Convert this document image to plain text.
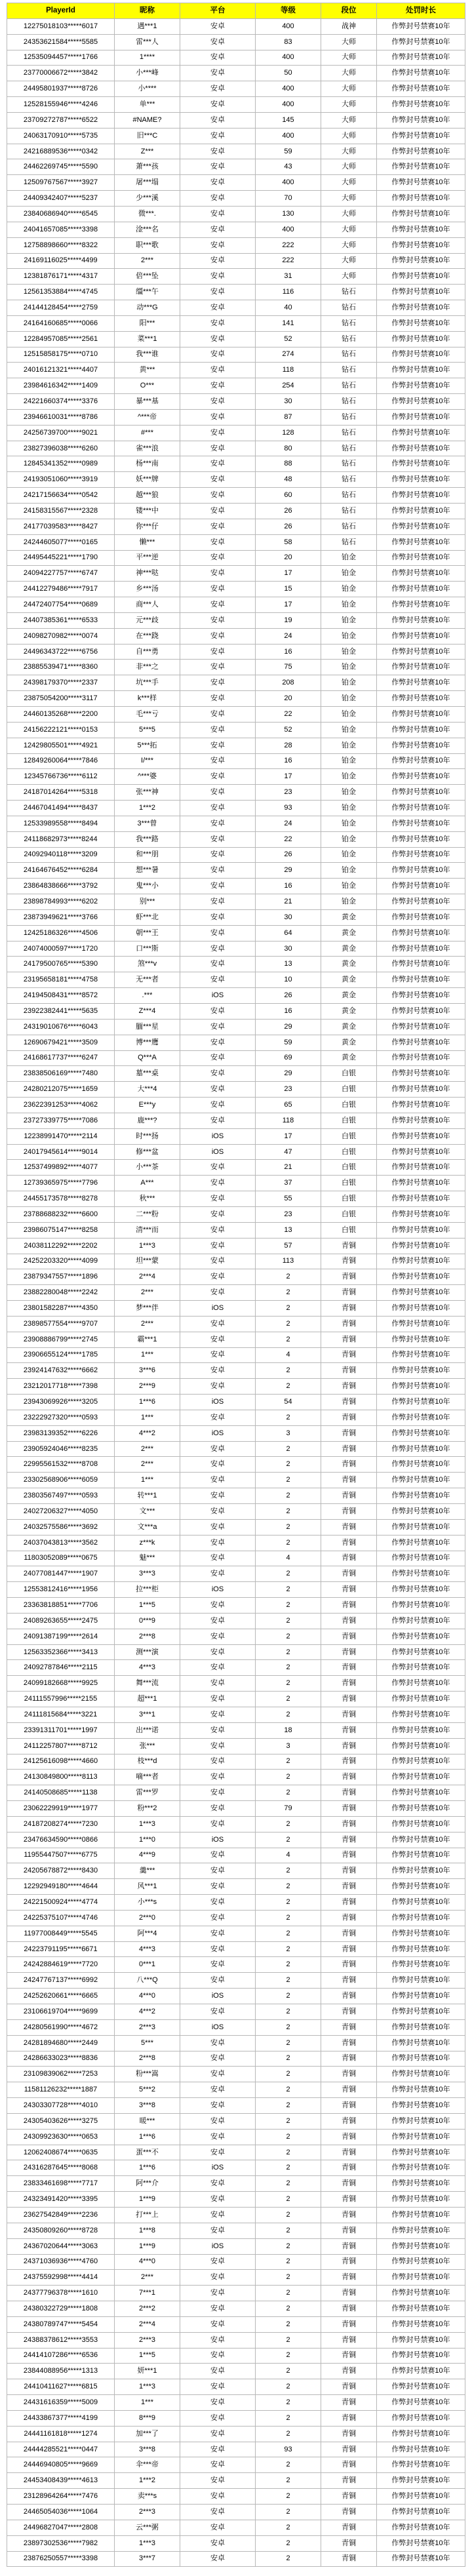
PlayerId	昵称	平台	等级	段位	处罚时长
12275018103*****6017	遇***1	安卓	400	战神	作弊封号禁赛10年
24353621584*****5585	雷***人	安卓	83	大师	作弊封号禁赛10年
12535094457*****1766	1****	安卓	400	大师	作弊封号禁赛10年
23770006672*****3842	小***峰	安卓	50	大师	作弊封号禁赛10年
24495801937*****8726	小****	安卓	400	大师	作弊封号禁赛10年
12528155946*****4246	单***	安卓	400	大师	作弊封号禁赛10年
23709272787*****6522	#NAME?	安卓	145	大师	作弊封号禁赛10年
24063170910*****5735	旧***C	安卓	400	大师	作弊封号禁赛10年
24216889536*****0342	Z***	安卓	59	大师	作弊封号禁赛10年
24462269745*****5590	萧***孩	安卓	43	大师	作弊封号禁赛10年
12509767567*****3927	屠***塌	安卓	400	大师	作弊封号禁赛10年
24409342407*****5237	少***溪	安卓	70	大师	作弊封号禁赛10年
23840686940*****6545	微***.	安卓	130	大师	作弊封号禁赛10年
24041657085*****3398	淦***名	安卓	400	大师	作弊封号禁赛10年
12758898660*****8322	职***歌	安卓	222	大师	作弊封号禁赛10年
24169116025*****4499	2***	安卓	222	大师	作弊封号禁赛10年
12381876171*****4317	倍***坠	安卓	31	大师	作弊封号禁赛10年
12561353884*****4745	缰***午	安卓	116	钻石	作弊封号禁赛10年
24144128454*****2759	动***G	安卓	40	钻石	作弊封号禁赛10年
24164160685*****0066	阳***	安卓	141	钻石	作弊封号禁赛10年
12284957085*****2561	菜***1	安卓	52	钻石	作弊封号禁赛10年
12515858175*****0710	我***谁	安卓	274	钻石	作弊封号禁赛10年
24016121321*****4407	黄***	安卓	118	钻石	作弊封号禁赛10年
23984616342*****1409	O***	安卓	254	钻石	作弊封号禁赛10年
24221660374*****3376	暴***基	安卓	30	钻石	作弊封号禁赛10年
23946610031*****8786	^***帝	安卓	87	钻石	作弊封号禁赛10年
24256739700*****9021	#***	安卓	128	钻石	作弊封号禁赛10年
23827396038*****6260	雀***浪	安卓	80	钻石	作弊封号禁赛10年
12845341352*****0989	杨***南	安卓	88	钻石	作弊封号禁赛10年
24193051060*****3919	妖***牌	安卓	48	钻石	作弊封号禁赛10年
24217156634*****0542	越***狼	安卓	60	钻石	作弊封号禁赛10年
24158315567*****2328	镂***中	安卓	26	钻石	作弊封号禁赛10年
24177039583*****8427	你***仔	安卓	26	钻石	作弊封号禁赛10年
24244605077*****0165	懒***	安卓	58	钻石	作弊封号禁赛10年
24495445221*****1790	平***逆	安卓	20	铂金	作弊封号禁赛10年
24094227757*****6747	神***哒	安卓	17	铂金	作弊封号禁赛10年
24412279486*****7917	乡***汤	安卓	15	铂金	作弊封号禁赛10年
24472407754*****0689	商***人	安卓	17	铂金	作弊封号禁赛10年
24407385361*****6533	元***歧	安卓	19	铂金	作弊封号禁赛10年
24098270982*****0074	在***跷	安卓	24	铂金	作弊封号禁赛10年
24496343722*****6756	自***勇	安卓	16	铂金	作弊封号禁赛10年
23885539471*****8360	非***之	安卓	75	铂金	作弊封号禁赛10年
24398179370*****2337	坑***手	安卓	208	铂金	作弊封号禁赛10年
23875054200*****3117	k***样	安卓	20	铂金	作弊封号禁赛10年
24460135268*****2200	毛***亏	安卓	22	铂金	作弊封号禁赛10年
24156222121*****0153	5***5	安卓	52	铂金	作弊封号禁赛10年
12429805501*****4921	5***拓	安卓	28	铂金	作弊封号禁赛10年
12849260064*****7846	I/***	安卓	16	铂金	作弊封号禁赛10年
12345766736*****6112	^***婆	安卓	17	铂金	作弊封号禁赛10年
24187014264*****5318	张***神	安卓	23	铂金	作弊封号禁赛10年
24467041494*****8437	1***2	安卓	93	铂金	作弊封号禁赛10年
12533989558*****8494	3***曾	安卓	24	铂金	作弊封号禁赛10年
24118682973*****8244	我***路	安卓	22	铂金	作弊封号禁赛10年
24092940118*****3209	和***朋	安卓	26	铂金	作弊封号禁赛10年
24164676452*****6284	想***暑	安卓	29	铂金	作弊封号禁赛10年
23864838666*****3792	鬼***小	安卓	16	铂金	作弊封号禁赛10年
23898784993*****6202	别***	安卓	21	铂金	作弊封号禁赛10年
23873949621*****3766	虾***北	安卓	30	黄金	作弊封号禁赛10年
12425186326*****4506	朝***王	安卓	64	黄金	作弊封号禁赛10年
24074000597*****1720	口***斯	安卓	30	黄金	作弊封号禁赛10年
24179500765*****5390	煞***v	安卓	13	黄金	作弊封号禁赛10年
23195658181*****4758	无***者	安卓	10	黄金	作弊封号禁赛10年
24194508431*****8572	.***	iOS	26	黄金	作弊封号禁赛10年
23922382441*****5635	Z***4	安卓	16	黄金	作弊封号禁赛10年
24319010676*****6043	腼***星	安卓	29	黄金	作弊封号禁赛10年
12690679421*****3509	博***鹰	安卓	59	黄金	作弊封号禁赛10年
24168617737*****6247	Q***A	安卓	69	黄金	作弊封号禁赛10年
23838506169*****7480	墓***桌	安卓	29	白银	作弊封号禁赛10年
24280212075*****1659	大***4	安卓	23	白银	作弊封号禁赛10年
23622391253*****4062	E***y	安卓	65	白银	作弊封号禁赛10年
23727339775*****7086	鹿***?	安卓	118	白银	作弊封号禁赛10年
12238991470*****2114	时***扬	iOS	17	白银	作弊封号禁赛10年
24017945614*****9014	修***盆	iOS	47	白银	作弊封号禁赛10年
12537499892*****4077	小***茶	安卓	21	白银	作弊封号禁赛10年
12739365975*****7796	A***	安卓	37	白银	作弊封号禁赛10年
24455173578*****8278	秋***	安卓	55	白银	作弊封号禁赛10年
23788688232*****6600	二***粉	安卓	23	白银	作弊封号禁赛10年
23986075147*****8258	清***而	安卓	13	白银	作弊封号禁赛10年
24038112292*****2202	1***3	安卓	57	青铜	作弊封号禁赛10年
24252203320*****4099	坦***蒙	安卓	113	青铜	作弊封号禁赛10年
23879347557*****1896	2***4	安卓	2	青铜	作弊封号禁赛10年
23882280048*****2242	2***	安卓	2	青铜	作弊封号禁赛10年
23801582287*****4350	梦***伴	iOS	2	青铜	作弊封号禁赛10年
23898577554*****9707	2***	安卓	2	青铜	作弊封号禁赛10年
23908886799*****2745	霸***1	安卓	2	青铜	作弊封号禁赛10年
23906655124*****1785	1***	安卓	4	青铜	作弊封号禁赛10年
23924147632*****6662	3***6	安卓	2	青铜	作弊封号禁赛10年
23212017718*****7398	2***9	安卓	2	青铜	作弊封号禁赛10年
23943069926*****3205	1***6	iOS	54	青铜	作弊封号禁赛10年
23222927320*****0593	1***	安卓	2	青铜	作弊封号禁赛10年
23983139352*****6226	4***2	iOS	3	青铜	作弊封号禁赛10年
23905924046*****8235	2***	安卓	2	青铜	作弊封号禁赛10年
22995561532*****8708	2***	安卓	2	青铜	作弊封号禁赛10年
23302568906*****6059	1***	安卓	2	青铜	作弊封号禁赛10年
23803567497*****0593	转***1	安卓	2	青铜	作弊封号禁赛10年
24027206327*****4050	文***	安卓	2	青铜	作弊封号禁赛10年
24032575586*****3692	文***a	安卓	2	青铜	作弊封号禁赛10年
24037043813*****3562	z***k	安卓	2	青铜	作弊封号禁赛10年
11803052089*****0675	魅***	安卓	4	青铜	作弊封号禁赛10年
24077081447*****1907	3***3	安卓	2	青铜	作弊封号禁赛10年
12553812416*****1956	拉***柜	iOS	2	青铜	作弊封号禁赛10年
23363818851*****7706	1***5	安卓	2	青铜	作弊封号禁赛10年
24089263655*****2475	0***9	安卓	2	青铜	作弊封号禁赛10年
24091387199*****2614	2***8	安卓	2	青铜	作弊封号禁赛10年
12563352366*****3413	测***演	安卓	2	青铜	作弊封号禁赛10年
24092787846*****2115	4***3	安卓	2	青铜	作弊封号禁赛10年
24099182668*****9925	舞***流	安卓	2	青铜	作弊封号禁赛10年
24111557996*****2155	超***1	安卓	2	青铜	作弊封号禁赛10年
24111815684*****3221	3***1	安卓	2	青铜	作弊封号禁赛10年
23391311701*****1997	出***诺	安卓	18	青铜	作弊封号禁赛10年
24112257807*****8712	张***	安卓	3	青铜	作弊封号禁赛10年
24125616098*****4660	枝***d	安卓	2	青铜	作弊封号禁赛10年
24130849800*****8113	嘀***者	安卓	2	青铜	作弊封号禁赛10年
24140508685*****1138	雷***罗	安卓	2	青铜	作弊封号禁赛10年
23062229919*****1977	粉***2	安卓	79	青铜	作弊封号禁赛10年
24187208274*****7230	1***3	安卓	2	青铜	作弊封号禁赛10年
23476634590*****0866	1***0	iOS	2	青铜	作弊封号禁赛10年
11955447507*****6775	4***9	安卓	4	青铜	作弊封号禁赛10年
24205678872*****8430	羹***	安卓	2	青铜	作弊封号禁赛10年
12292949180*****4644	风***1	安卓	2	青铜	作弊封号禁赛10年
24221500924*****4774	小***s	安卓	2	青铜	作弊封号禁赛10年
24225375107*****4746	2***0	安卓	2	青铜	作弊封号禁赛10年
11977008449*****5545	阿***4	安卓	2	青铜	作弊封号禁赛10年
24223791195*****6671	4***3	安卓	2	青铜	作弊封号禁赛10年
24242884619*****7720	0***1	安卓	2	青铜	作弊封号禁赛10年
24247767137*****6992	八***Q	安卓	2	青铜	作弊封号禁赛10年
24252620661*****6665	4***0	iOS	2	青铜	作弊封号禁赛10年
23106619704*****9699	4***2	安卓	2	青铜	作弊封号禁赛10年
24280561990*****4672	2***3	iOS	2	青铜	作弊封号禁赛10年
24281894680*****2449	5***	安卓	2	青铜	作弊封号禁赛10年
24286633023*****8836	2***8	安卓	2	青铜	作弊封号禁赛10年
23109839062*****7253	粉***嵩	安卓	2	青铜	作弊封号禁赛10年
11581126232*****1887	5***2	安卓	2	青铜	作弊封号禁赛10年
24303307728*****4010	3***8	安卓	2	青铜	作弊封号禁赛10年
24305403626*****3275	暖***	安卓	2	青铜	作弊封号禁赛10年
24309923630*****0653	1***6	安卓	2	青铜	作弊封号禁赛10年
12062408674*****0635	蛋***不	安卓	2	青铜	作弊封号禁赛10年
24316287645*****8068	1***6	iOS	2	青铜	作弊封号禁赛10年
23833461698*****7717	阿***介	安卓	2	青铜	作弊封号禁赛10年
24323491420*****3395	1***9	安卓	2	青铜	作弊封号禁赛10年
23627542849*****2236	打***上	安卓	2	青铜	作弊封号禁赛10年
24350809260*****8728	1***8	安卓	2	青铜	作弊封号禁赛10年
24367020644*****3063	1***9	iOS	2	青铜	作弊封号禁赛10年
24371036936*****4760	4***0	安卓	2	青铜	作弊封号禁赛10年
24375592998*****4414	2***	安卓	2	青铜	作弊封号禁赛10年
24377796378*****1610	7***1	安卓	2	青铜	作弊封号禁赛10年
24380322729*****1808	2***2	安卓	2	青铜	作弊封号禁赛10年
24380789747*****5454	2***4	安卓	2	青铜	作弊封号禁赛10年
24388378612*****3553	2***3	安卓	2	青铜	作弊封号禁赛10年
24414107286*****6536	1***5	安卓	2	青铜	作弊封号禁赛10年
23844088956*****1313	妍***1	安卓	2	青铜	作弊封号禁赛10年
24410411627*****6815	1***3	安卓	2	青铜	作弊封号禁赛10年
24431616359*****5009	1***	安卓	2	青铜	作弊封号禁赛10年
24433867377*****4199	8***9	安卓	2	青铜	作弊封号禁赛10年
24441161818*****1274	加***了	安卓	2	青铜	作弊封号禁赛10年
24444285521*****0447	3***8	安卓	93	青铜	作弊封号禁赛10年
24446940805*****9669	伞***帝	安卓	2	青铜	作弊封号禁赛10年
24453408439*****4613	1***2	安卓	2	青铜	作弊封号禁赛10年
23128964264*****7476	卖***s	安卓	2	青铜	作弊封号禁赛10年
24465054036*****1064	2***3	安卓	2	青铜	作弊封号禁赛10年
24496827047*****2808	云***粥	安卓	2	青铜	作弊封号禁赛10年
23897302536*****7982	1***3	安卓	2	青铜	作弊封号禁赛10年
23876250557*****3398	3***7	安卓	2	青铜	作弊封号禁赛10年
